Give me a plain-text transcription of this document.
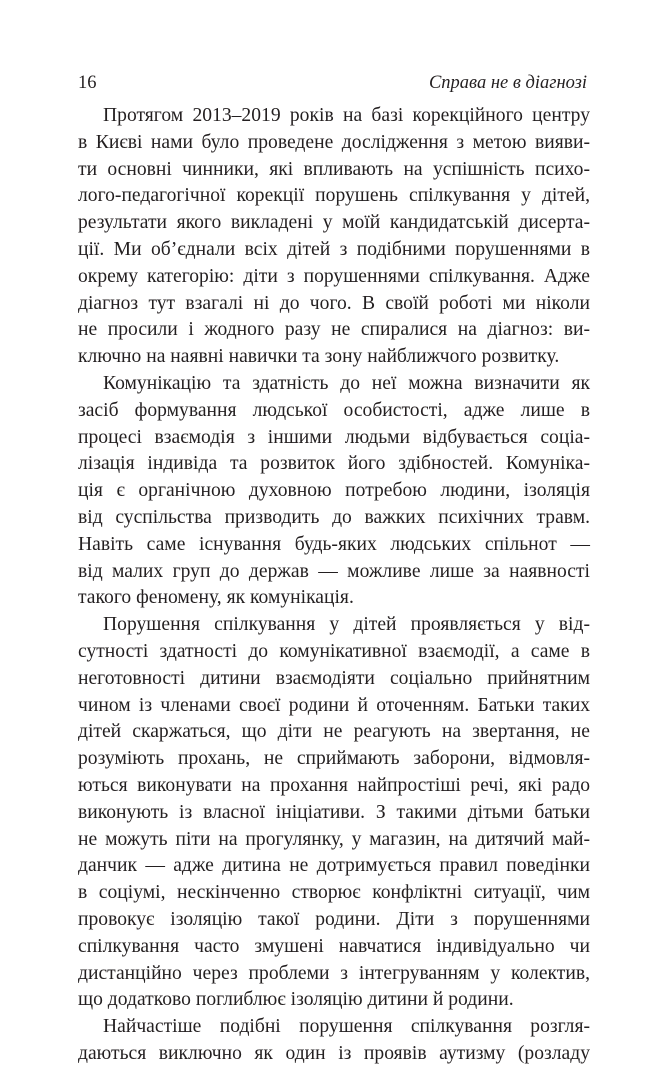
16	Справа не в діагнозі

Протягом 2013–2019 років на базі корекційного центру
в Києві нами було проведене дослідження з метою вияви-
ти основні чинники, які впливають на успішність психо-
лого-педагогічної корекції порушень спілкування у дітей,
результати якого викладені у моїй кандидатській дисерта-
ції. Ми об’єднали всіх дітей з подібними порушеннями в
окрему категорію: діти з порушеннями спілкування. Адже
діагноз тут взагалі ні до чого. В своїй роботі ми ніколи
не просили і жодного разу не спиралися на діагноз: ви-
ключно на наявні навички та зону найближчого розвитку.

Комунікацію та здатність до неї можна визначити як
засіб формування людської особистості, адже лише в
процесі взаємодія з іншими людьми відбувається соціа-
лізація індивіда та розвиток його здібностей. Комуніка-
ція є органічною духовною потребою людини, ізоляція
від суспільства призводить до важких психічних травм.
Навіть саме існування будь-яких людських спільнот —
від малих груп до держав — можливе лише за наявності
такого феномену, як комунікація.

Порушення спілкування у дітей проявляється у від-
сутності здатності до комунікативної взаємодії, а саме в
неготовності дитини взаємодіяти соціально прийнятним
чином із членами своєї родини й оточенням. Батьки таких
дітей скаржаться, що діти не реагують на звертання, не
розуміють прохань, не сприймають заборони, відмовля-
ються виконувати на прохання найпростіші речі, які радо
виконують із власної ініціативи. З такими дітьми батьки
не можуть піти на прогулянку, у магазин, на дитячий май-
данчик — адже дитина не дотримується правил поведінки
в соціумі, нескінченно створює конфліктні ситуації, чим
провокує ізоляцію такої родини. Діти з порушеннями
спілкування часто змушені навчатися індивідуально чи
дистанційно через проблеми з інтегруванням у колектив,
що додатково поглиблює ізоляцію дитини й родини.

Найчастіше подібні порушення спілкування розгля-
даються виключно як один із проявів аутизму (розладу
